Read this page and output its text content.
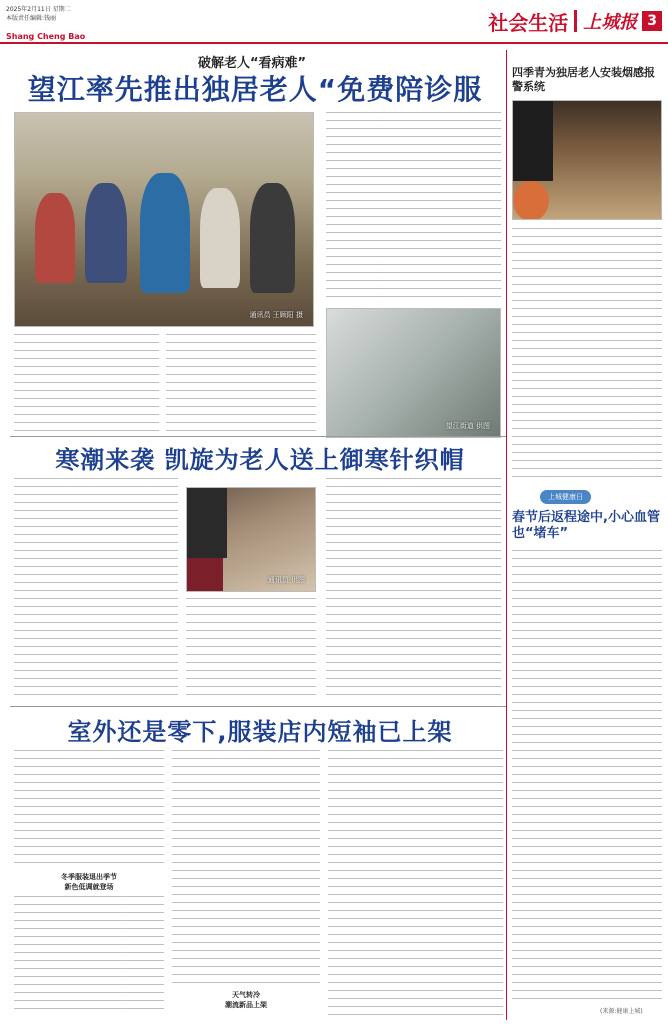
2025年2月11日 星期二
本版责任编辑:钱丽
Shang Cheng Bao
社会生活 上城报 3
破解老人“看病难”
望江率先推出独居老人“免费陪诊服
通讯员 王顾阳 摄
望江街道 供图
寒潮来袭 凯旋为老人送上御寒针织帽
通讯员 供图
室外还是零下,服装店内短袖已上架
冬季服装退出季节
新色低调就登场
天气转冷
潮流新品上架
四季青为独居老人安装烟感报警系统
上城健康日
春节后返程途中,小心血管也“堵车”
(来源:健康上城)
